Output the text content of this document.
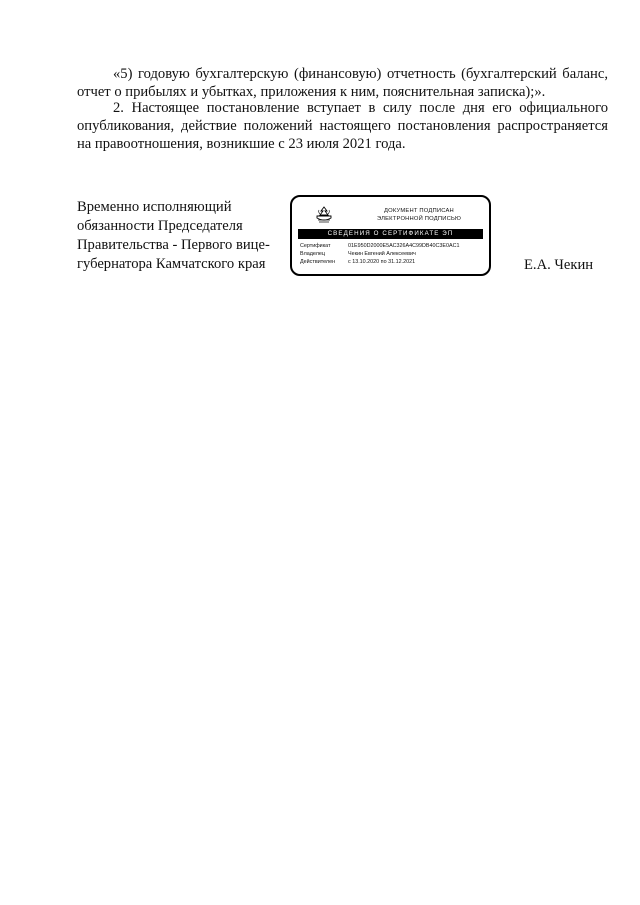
«5) годовую бухгалтерскую (финансовую) отчетность (бухгалтерский баланс, отчет о прибылях и убытках, приложения к ним, пояснительная записка);».

2. Настоящее постановление вступает в силу после дня его официального опубликования, действие положений настоящего постановления распространяется на правоотношения, возникшие с 23 июля 2021 года.

Временно исполняющий
обязанности Председателя
Правительства - Первого вице-
губернатора Камчатского края
ДОКУМЕНТ ПОДПИСАН
ЭЛЕКТРОННОЙ ПОДПИСЬЮ
СВЕДЕНИЯ О СЕРТИФИКАТЕ ЭП
Сертификат	01E950D2000E5AC326A4C99DB40C3E0AC1
Владелец	Чекин Евгений Алексеевич
Действителен	с 13.10.2020 по 31.12.2021	Е.А. Чекин
